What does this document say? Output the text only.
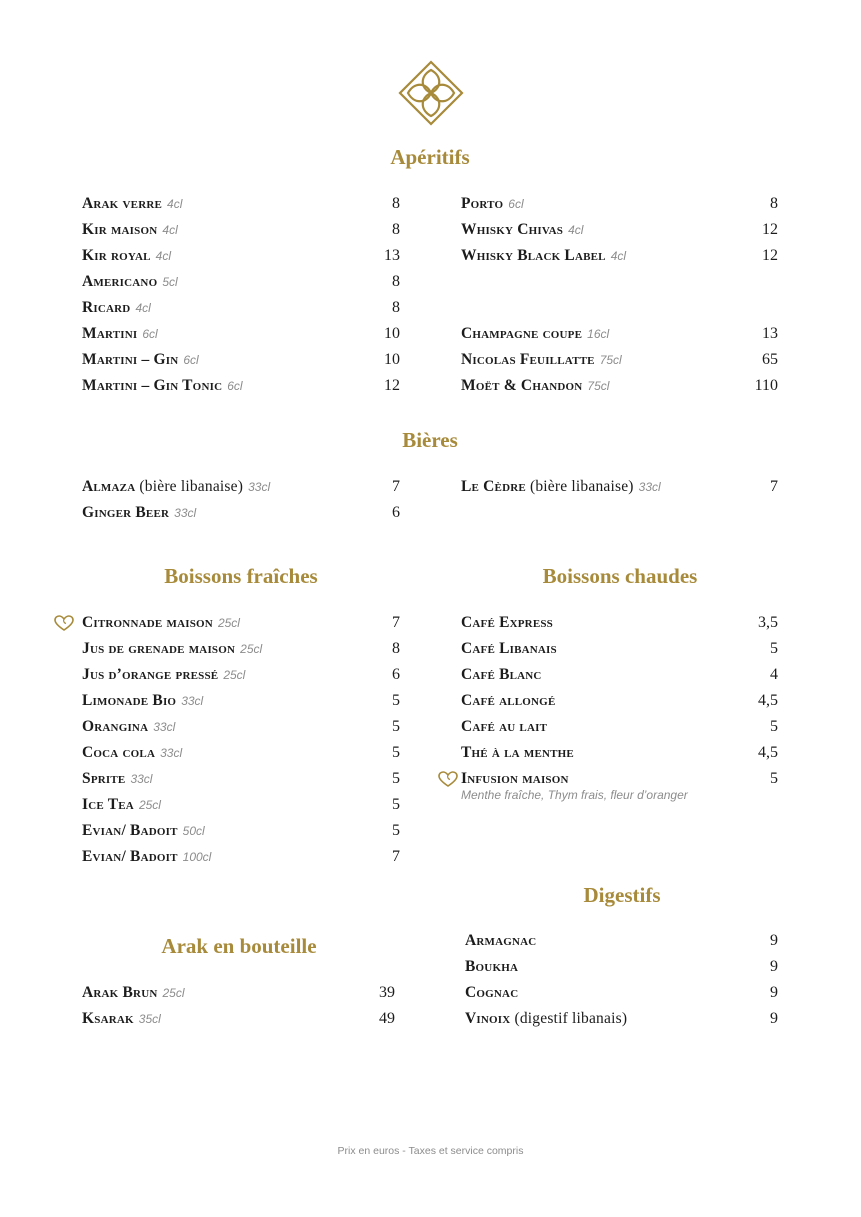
Apéritifs
Arak verre 4cl	8
Kir maison 4cl	8
Kir royal 4cl	13
Americano 5cl	8
Ricard 4cl	8
Martini 6cl	10
Martini – Gin 6cl	10
Martini – Gin Tonic 6cl	12
Porto 6cl	8
Whisky Chivas 4cl	12
Whisky Black Label 4cl	12
Champagne coupe 16cl	13
Nicolas Feuillatte 75cl	65
Moët & Chandon 75cl	110
Bières
Almaza (bière libanaise) 33cl	7
Ginger Beer 33cl	6
Le Cèdre (bière libanaise) 33cl	7
Boissons fraîches
Citronnade maison 25cl	7
Jus de grenade maison 25cl	8
Jus d’orange pressé 25cl	6
Limonade Bio 33cl	5
Orangina 33cl	5
Coca cola 33cl	5
Sprite 33cl	5
Ice Tea 25cl	5
Evian/ Badoit 50cl	5
Evian/ Badoit 100cl	7
Boissons chaudes
Café Express	3,5
Café Libanais	5
Café Blanc	4
Café allongé	4,5
Café au lait	5
Thé à la menthe	4,5
Infusion maison	5
Menthe fraîche, Thym frais, fleur d’oranger
Arak en bouteille
Arak Brun 25cl	39
Ksarak 35cl	49
Digestifs
Armagnac	9
Boukha	9
Cognac	9
Vinoix (digestif libanais)	9
Prix en euros - Taxes et service compris
